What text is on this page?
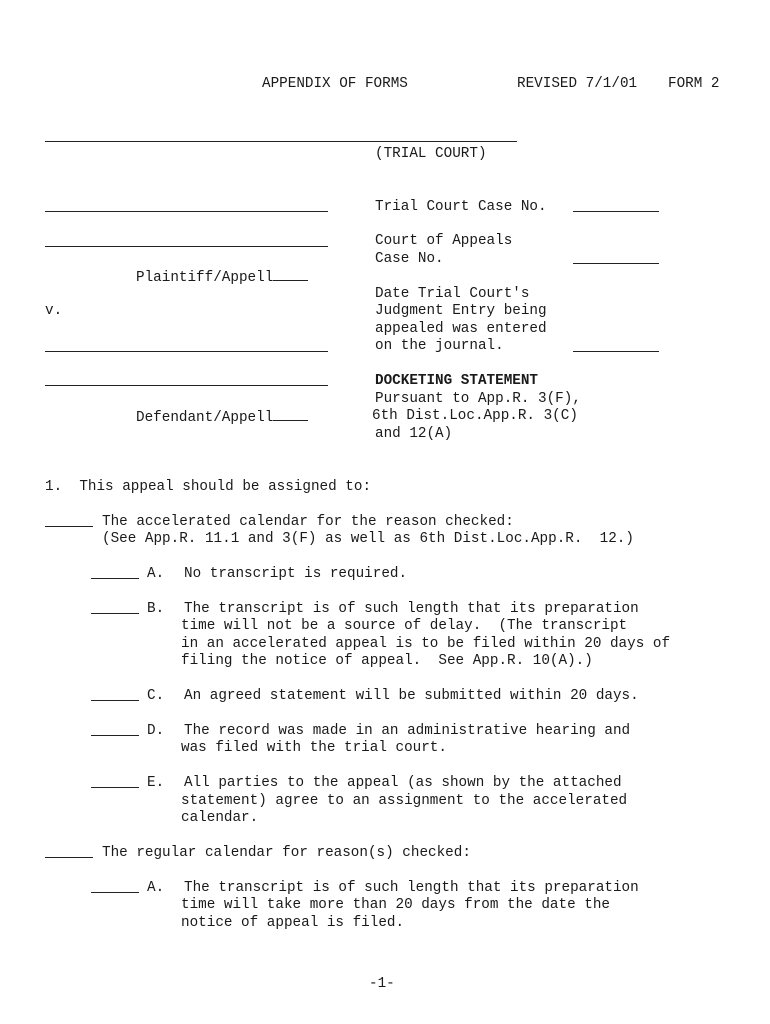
APPENDIX OF FORMS	REVISED 7/1/01 FORM 2
(TRIAL COURT)
Plaintiff/Appell
v.
Defendant/Appell
Trial Court Case No.
Court of Appeals
Case No.
Date Trial Court's
Judgment Entry being
appealed was entered
on the journal.
DOCKETING STATEMENT
Pursuant to App.R. 3(F),
6th Dist.Loc.App.R. 3(C)
and 12(A)
1.  This appeal should be assigned to:
The accelerated calendar for the reason checked:
(See App.R. 11.1 and 3(F) as well as 6th Dist.Loc.App.R.  12.)
A. No transcript is required.
B. The transcript is of such length that its preparation
time will not be a source of delay.  (The transcript
in an accelerated appeal is to be filed within 20 days of
filing the notice of appeal.  See App.R. 10(A).)
C. An agreed statement will be submitted within 20 days.
D. The record was made in an administrative hearing and
was filed with the trial court.
E. All parties to the appeal (as shown by the attached
statement) agree to an assignment to the accelerated
calendar.
The regular calendar for reason(s) checked:
A. The transcript is of such length that its preparation
time will take more than 20 days from the date the
notice of appeal is filed.
-1-
